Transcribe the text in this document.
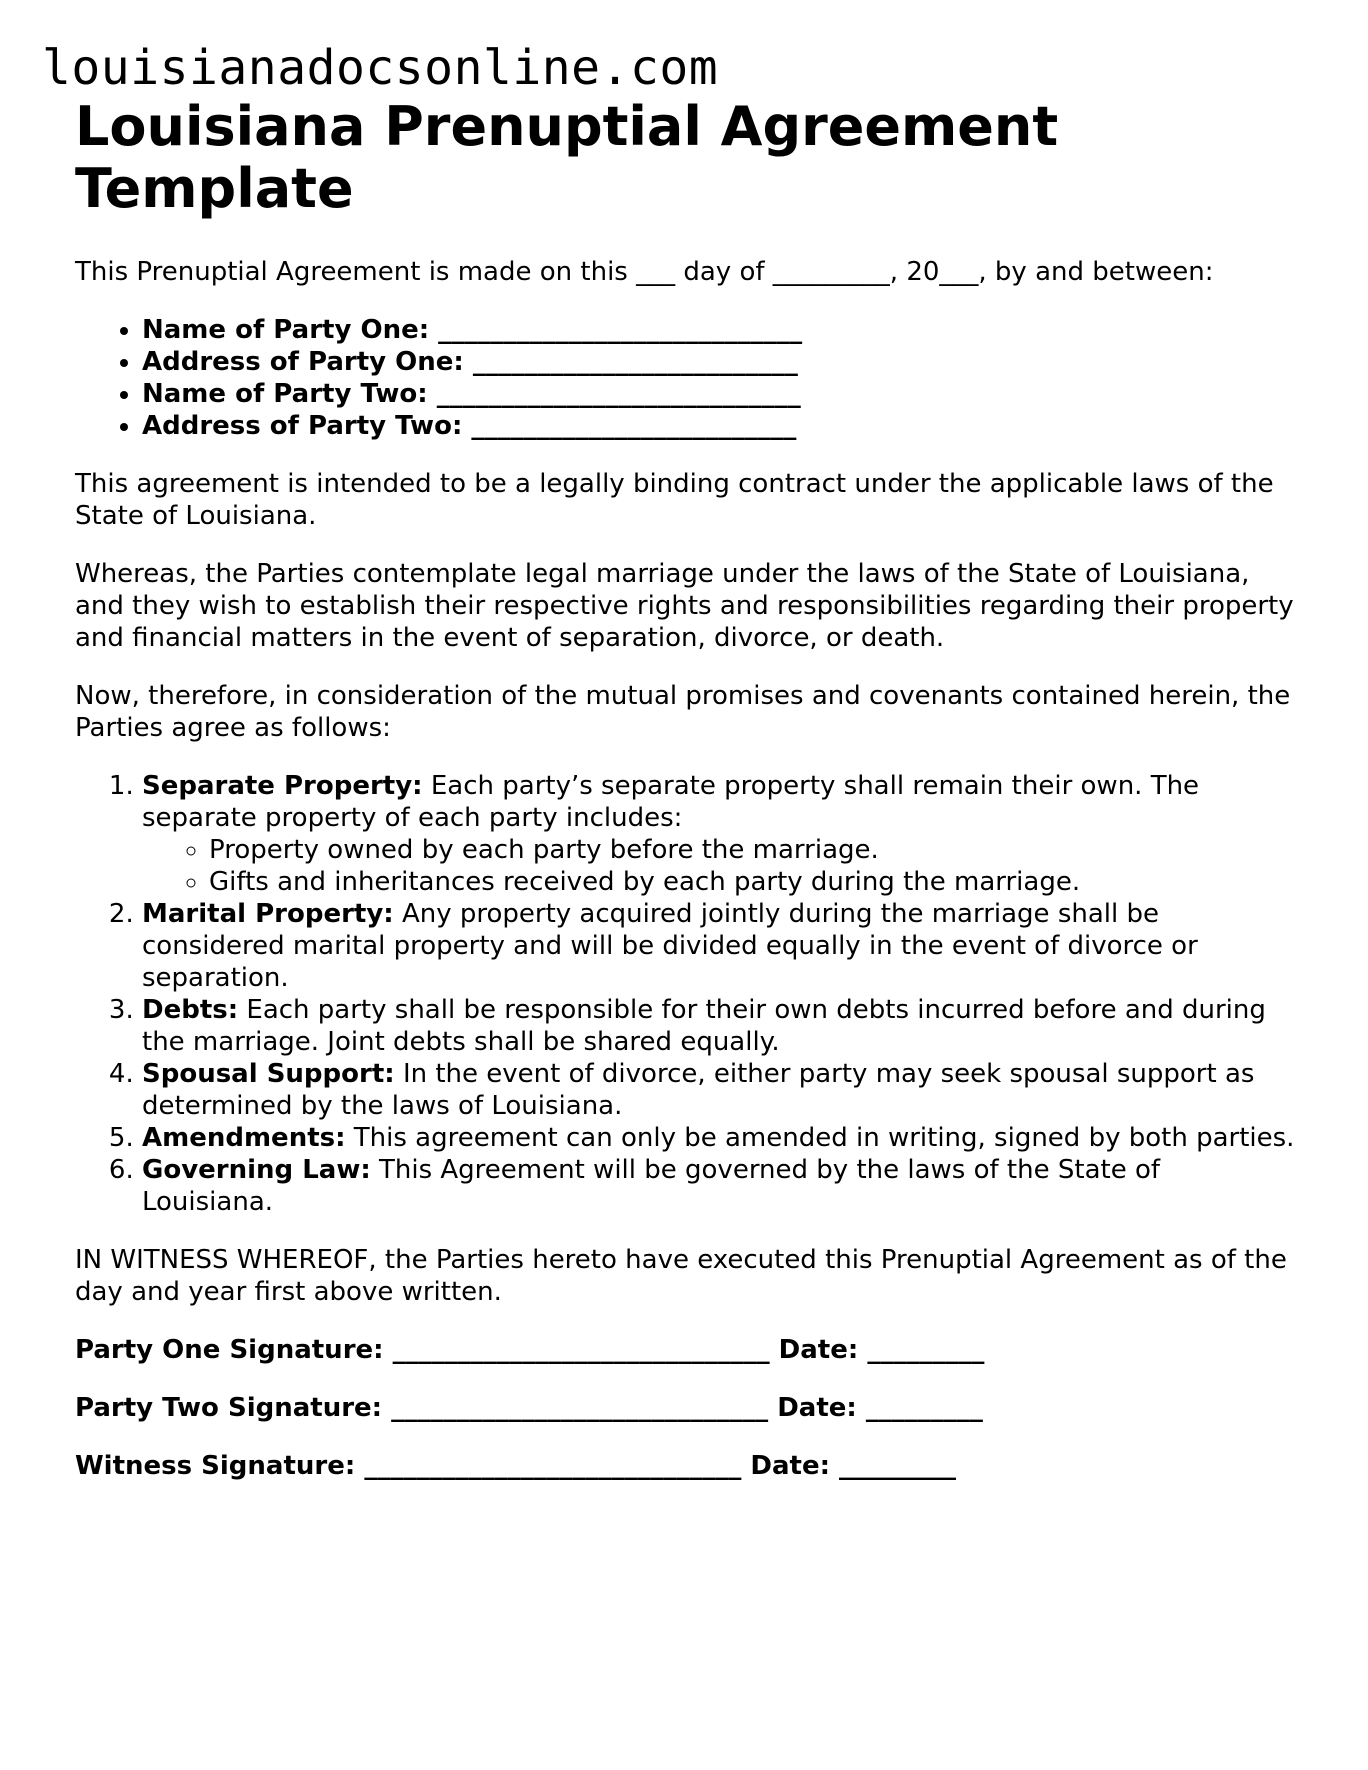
louisianadocsonline.com
Louisiana Prenuptial Agreement Template

This Prenuptial Agreement is made on this ___ day of _________, 20___, by and between:

• Name of Party One: ____________________________
• Address of Party One: _________________________
• Name of Party Two: ____________________________
• Address of Party Two: _________________________

This agreement is intended to be a legally binding contract under the applicable laws of the State of Louisiana.

Whereas, the Parties contemplate legal marriage under the laws of the State of Louisiana, and they wish to establish their respective rights and responsibilities regarding their property and financial matters in the event of separation, divorce, or death.

Now, therefore, in consideration of the mutual promises and covenants contained herein, the Parties agree as follows:

1. Separate Property: Each party’s separate property shall remain their own. The separate property of each party includes:
◦ Property owned by each party before the marriage.
◦ Gifts and inheritances received by each party during the marriage.
2. Marital Property: Any property acquired jointly during the marriage shall be considered marital property and will be divided equally in the event of divorce or separation.
3. Debts: Each party shall be responsible for their own debts incurred before and during the marriage. Joint debts shall be shared equally.
4. Spousal Support: In the event of divorce, either party may seek spousal support as determined by the laws of Louisiana.
5. Amendments: This agreement can only be amended in writing, signed by both parties.
6. Governing Law: This Agreement will be governed by the laws of the State of Louisiana.

IN WITNESS WHEREOF, the Parties hereto have executed this Prenuptial Agreement as of the day and year first above written.

Party One Signature: _____________________________ Date: _________

Party Two Signature: _____________________________ Date: _________

Witness Signature: _____________________________ Date: _________
